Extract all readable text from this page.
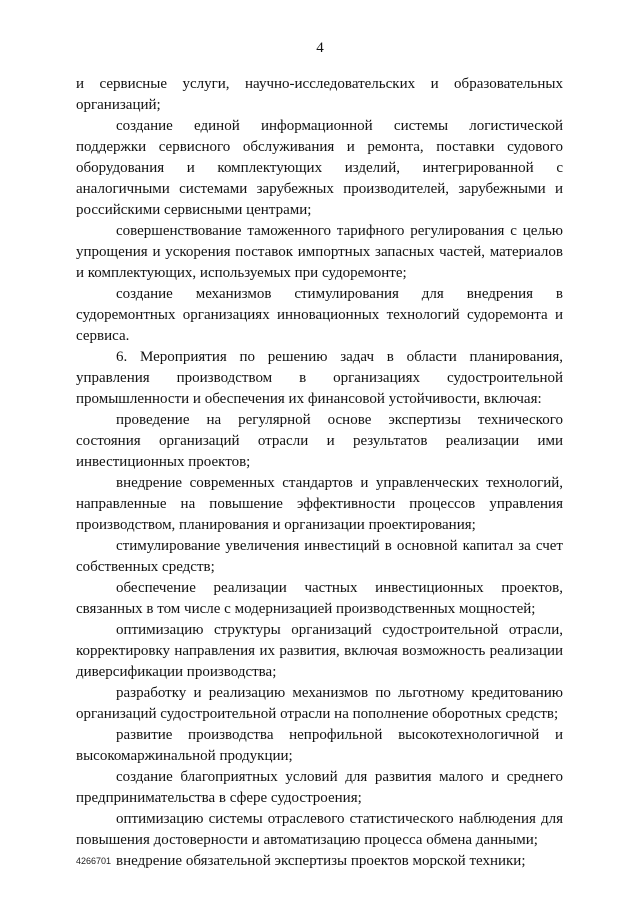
4

и сервисные услуги, научно-исследовательских и образовательных организаций;

создание единой информационной системы логистической поддержки сервисного обслуживания и ремонта, поставки судового оборудования и комплектующих изделий, интегрированной с аналогичными системами зарубежных производителей, зарубежными и российскими сервисными центрами;

совершенствование таможенного тарифного регулирования с целью упрощения и ускорения поставок импортных запасных частей, материалов и комплектующих, используемых при судоремонте;

создание механизмов стимулирования для внедрения в судоремонтных организациях инновационных технологий судоремонта и сервиса.

6. Мероприятия по решению задач в области планирования, управления производством в организациях судостроительной промышленности и обеспечения их финансовой устойчивости, включая:

проведение на регулярной основе экспертизы технического состояния организаций отрасли и результатов реализации ими инвестиционных проектов;

внедрение современных стандартов и управленческих технологий, направленные на повышение эффективности процессов управления производством, планирования и организации проектирования;

стимулирование увеличения инвестиций в основной капитал за счет собственных средств;

обеспечение реализации частных инвестиционных проектов, связанных в том числе с модернизацией производственных мощностей;

оптимизацию структуры организаций судостроительной отрасли, корректировку направления их развития, включая возможность реализации диверсификации производства;

разработку и реализацию механизмов по льготному кредитованию организаций судостроительной отрасли на пополнение оборотных средств;

развитие производства непрофильной высокотехнологичной и высокомаржинальной продукции;

создание благоприятных условий для развития малого и среднего предпринимательства в сфере судостроения;

оптимизацию системы отраслевого статистического наблюдения для повышения достоверности и автоматизацию процесса обмена данными;

внедрение обязательной экспертизы проектов морской техники;

4266701
